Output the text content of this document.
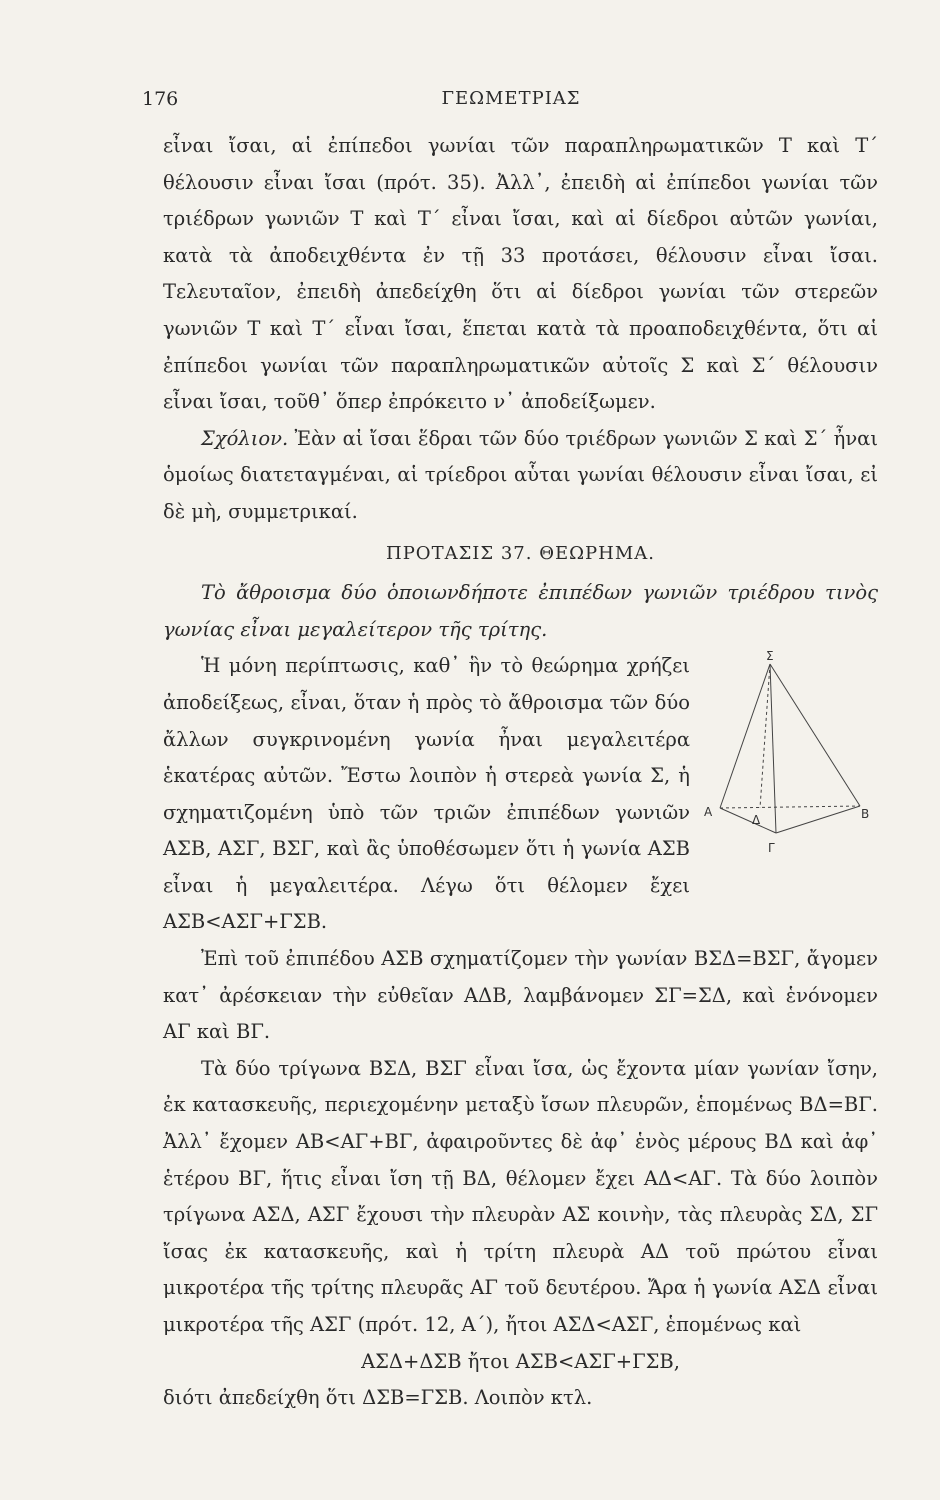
176	ΓΕΩΜΕΤΡΙΑΣ

εἶναι ἴσαι, αἱ ἐπίπεδοι γωνίαι τῶν παραπληρωματικῶν Τ καὶ Τ΄ θέλουσιν εἶναι ἴσαι (πρότ. 35). Ἀλλ᾿, ἐπειδὴ αἱ ἐπίπεδοι γωνίαι τῶν τριέδρων γωνιῶν Τ καὶ Τ΄ εἶναι ἴσαι, καὶ αἱ δίεδροι αὐτῶν γωνίαι, κατὰ τὰ ἀποδειχθέντα ἐν τῇ 33 προτάσει, θέλουσιν εἶναι ἴσαι. Τελευταῖον, ἐπειδὴ ἀπεδείχθη ὅτι αἱ δίεδροι γωνίαι τῶν στερεῶν γωνιῶν Τ καὶ Τ΄ εἶναι ἴσαι, ἕπεται κατὰ τὰ προαποδειχθέντα, ὅτι αἱ ἐπίπεδοι γωνίαι τῶν παραπληρωματικῶν αὐτοῖς Σ καὶ Σ΄ θέλουσιν εἶναι ἴσαι, τοῦθ᾿ ὅπερ ἐπρόκειτο ν᾿ ἀποδείξωμεν.

Σχόλιον. Ἐὰν αἱ ἴσαι ἕδραι τῶν δύο τριέδρων γωνιῶν Σ καὶ Σ΄ ἦναι ὁμοίως διατεταγμέναι, αἱ τρίεδροι αὗται γωνίαι θέλουσιν εἶναι ἴσαι, εἰ δὲ μὴ, συμμετρικαί.

ΠΡΟΤΑΣΙΣ 37. ΘΕΩΡΗΜΑ.

Τὸ ἄθροισμα δύο ὁποιωνδήποτε ἐπιπέδων γωνιῶν τριέδρου τινὸς γωνίας εἶναι μεγαλείτερον τῆς τρίτης.

Σ
Α
Δ	Β
Γ

Ἡ μόνη περίπτωσις, καθ᾿ ἣν τὸ θεώρημα χρήζει ἀποδείξεως, εἶναι, ὅταν ἡ πρὸς τὸ ἄθροισμα τῶν δύο ἄλλων συγκρινομένη γωνία ἦναι μεγαλειτέρα ἑκατέρας αὐτῶν. Ἔστω λοιπὸν ἡ στερεὰ γωνία Σ, ἡ σχηματιζομένη ὑπὸ τῶν τριῶν ἐπιπέδων γωνιῶν ΑΣΒ, ΑΣΓ, ΒΣΓ, καὶ ἂς ὑποθέσωμεν ὅτι ἡ γωνία ΑΣΒ εἶναι ἡ μεγαλειτέρα. Λέγω ὅτι θέλομεν ἔχει ΑΣΒ<ΑΣΓ+ΓΣΒ.

Ἐπὶ τοῦ ἐπιπέδου ΑΣΒ σχηματίζομεν τὴν γωνίαν ΒΣΔ=ΒΣΓ, ἄγομεν κατ᾿ ἀρέσκειαν τὴν εὐθεῖαν ΑΔΒ, λαμβάνομεν ΣΓ=ΣΔ, καὶ ἑνόνομεν ΑΓ καὶ ΒΓ.

Τὰ δύο τρίγωνα ΒΣΔ, ΒΣΓ εἶναι ἴσα, ὡς ἔχοντα μίαν γωνίαν ἴσην, ἐκ κατασκευῆς, περιεχομένην μεταξὺ ἴσων πλευρῶν, ἑπομένως ΒΔ=ΒΓ. Ἀλλ᾿ ἔχομεν ΑΒ<ΑΓ+ΒΓ, ἀφαιροῦντες δὲ ἀφ᾿ ἑνὸς μέρους ΒΔ καὶ ἀφ᾿ ἑτέρου ΒΓ, ἥτις εἶναι ἴση τῇ ΒΔ, θέλομεν ἔχει ΑΔ<ΑΓ. Τὰ δύο λοιπὸν τρίγωνα ΑΣΔ, ΑΣΓ ἔχουσι τὴν πλευρὰν ΑΣ κοινὴν, τὰς πλευρὰς ΣΔ, ΣΓ ἴσας ἐκ κατασκευῆς, καὶ ἡ τρίτη πλευρὰ ΑΔ τοῦ πρώτου εἶναι μικροτέρα τῆς τρίτης πλευρᾶς ΑΓ τοῦ δευτέρου. Ἄρα ἡ γωνία ΑΣΔ εἶναι μικροτέρα τῆς ΑΣΓ (πρότ. 12, Α΄), ἤτοι ΑΣΔ<ΑΣΓ, ἑπομένως καὶ

ΑΣΔ+ΔΣΒ ἤτοι ΑΣΒ<ΑΣΓ+ΓΣΒ,

διότι ἀπεδείχθη ὅτι ΔΣΒ=ΓΣΒ. Λοιπὸν κτλ.
